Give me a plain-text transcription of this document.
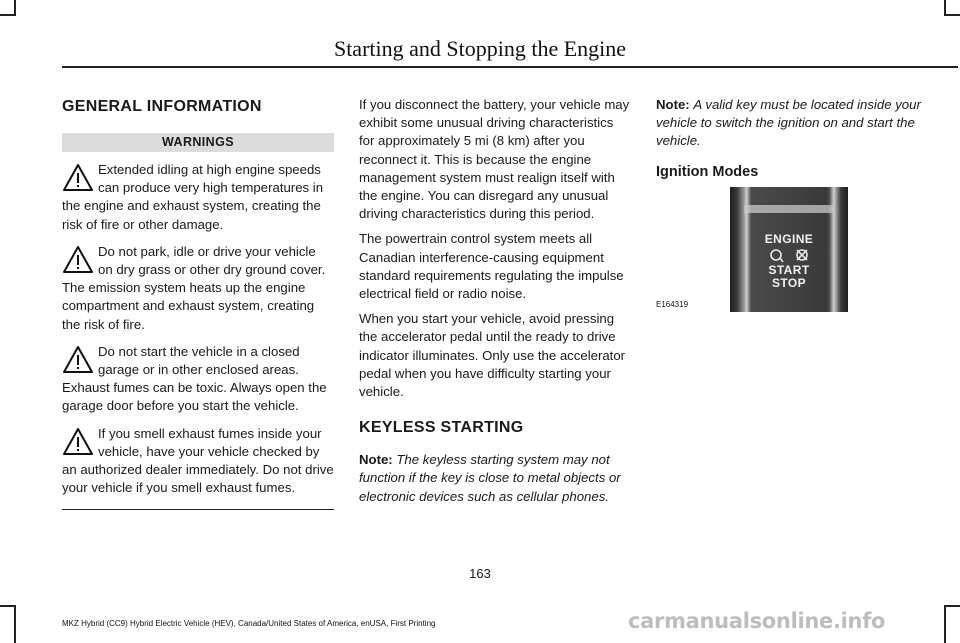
Starting and Stopping the Engine
GENERAL INFORMATION
WARNINGS
Extended idling at high engine speeds can produce very high temperatures in the engine and exhaust system, creating the risk of fire or other damage.
Do not park, idle or drive your vehicle on dry grass or other dry ground cover. The emission system heats up the engine compartment and exhaust system, creating the risk of fire.
Do not start the vehicle in a closed garage or in other enclosed areas. Exhaust fumes can be toxic. Always open the garage door before you start the vehicle.
If you smell exhaust fumes inside your vehicle, have your vehicle checked by an authorized dealer immediately. Do not drive your vehicle if you smell exhaust fumes.

If you disconnect the battery, your vehicle may exhibit some unusual driving characteristics for approximately 5 mi (8 km) after you reconnect it. This is because the engine management system must realign itself with the engine. You can disregard any unusual driving characteristics during this period.

The powertrain control system meets all Canadian interference-causing equipment standard requirements regulating the impulse electrical field or radio noise.

When you start your vehicle, avoid pressing the accelerator pedal until the ready to drive indicator illuminates. Only use the accelerator pedal when you have difficulty starting your vehicle.

KEYLESS STARTING

Note: The keyless starting system may not function if the key is close to metal objects or electronic devices such as cellular phones.

Note: A valid key must be located inside your vehicle to switch the ignition on and start the vehicle.

Ignition Modes
ENGINE
START
STOP
E164319
163
MKZ Hybrid (CC9) Hybrid Electric Vehicle (HEV), Canada/United States of America, enUSA, First Printing	carmanualsonline.info
